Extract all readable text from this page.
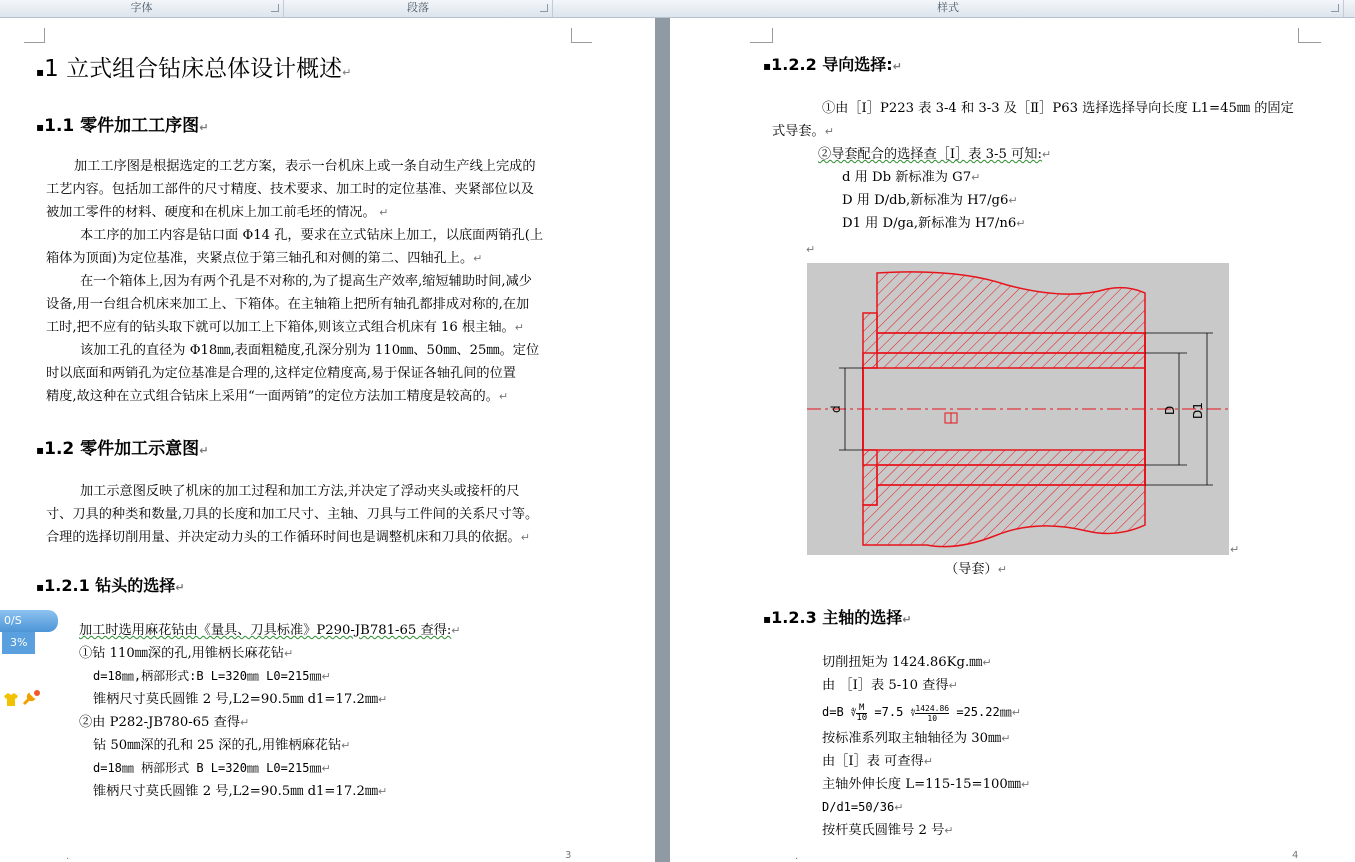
字体	段落	样式
▪1 立式组合钻床总体设计概述↵
▪1.1 零件加工工序图↵
加工工序图是根据选定的工艺方案，表示一台机床上或一条自动生产线上完成的
工艺内容。包括加工部件的尺寸精度、技术要求、加工时的定位基准、夹紧部位以及
被加工零件的材料、硬度和在机床上加工前毛坯的情况。 ↵
本工序的加工内容是钻口面 Φ14 孔，要求在立式钻床上加工，以底面两销孔(上
箱体为顶面)为定位基准，夹紧点位于第三轴孔和对侧的第二、四轴孔上。↵
在一个箱体上,因为有两个孔是不对称的,为了提高生产效率,缩短辅助时间,减少
设备,用一台组合机床来加工上、下箱体。在主轴箱上把所有轴孔都排成对称的,在加
工时,把不应有的钻头取下就可以加工上下箱体,则该立式组合机床有 16 根主轴。↵
该加工孔的直径为 Φ18㎜,表面粗糙度,孔深分别为 110㎜、50㎜、25㎜。定位
时以底面和两销孔为定位基准是合理的,这样定位精度高,易于保证各轴孔间的位置
精度,故这种在立式组合钻床上采用“一面两销”的定位方法加工精度是较高的。↵
▪1.2 零件加工示意图↵
加工示意图反映了机床的加工过程和加工方法,并决定了浮动夹头或接杆的尺
寸、刀具的种类和数量,刀具的长度和加工尺寸、主轴、刀具与工件间的关系尺寸等。
合理的选择切削用量、并决定动力头的工作循环时间也是调整机床和刀具的依据。↵
▪1.2.1 钻头的选择↵
加工时选用麻花钻由《量具、刀具标准》P290-JB781-65 查得:↵
①钻 110㎜深的孔,用锥柄长麻花钻↵
d=18㎜,柄部形式:B L=320㎜ L0=215㎜↵
锥柄尺寸莫氏圆锥 2 号,L2=90.5㎜ d1=17.2㎜↵
②由 P282-JB780-65 查得↵
钻 50㎜深的孔和 25 深的孔,用锥柄麻花钻↵
d=18㎜ 柄部形式 B L=320㎜ L0=215㎜↵
锥柄尺寸莫氏圆锥 2 号,L2=90.5㎜ d1=17.2㎜↵
3
·
0/S3%
▪1.2.2 导向选择:↵
①由［I］P223 表 3-4 和 3-3 及［Ⅱ］P63 选择选择导向长度 L1=45㎜ 的固定
式导套。↵
②导套配合的选择查［I］表 3-5 可知:↵
d 用 Db 新标准为 G7↵
D 用 D/db,新标准为 H7/g6↵
D1 用 D/ga,新标准为 H7/n6↵
↵
d	D D1
↵
（导套）↵
▪1.2.3 主轴的选择↵
切削扭矩为 1424.86Kg.㎜↵
由 ［I］表 5-10 查得↵
d=B ∜ $\frac{M}{10} =7.5$ ∜ $\frac{1424.86}{10}$ =25.22㎜↵
按标准系列取主轴轴径为 30㎜↵
由［I］表 可查得↵
主轴外伸长度 L=115-15=100㎜↵
D/d1=50/36↵
按杆莫氏圆锥号 2 号↵
4
·
